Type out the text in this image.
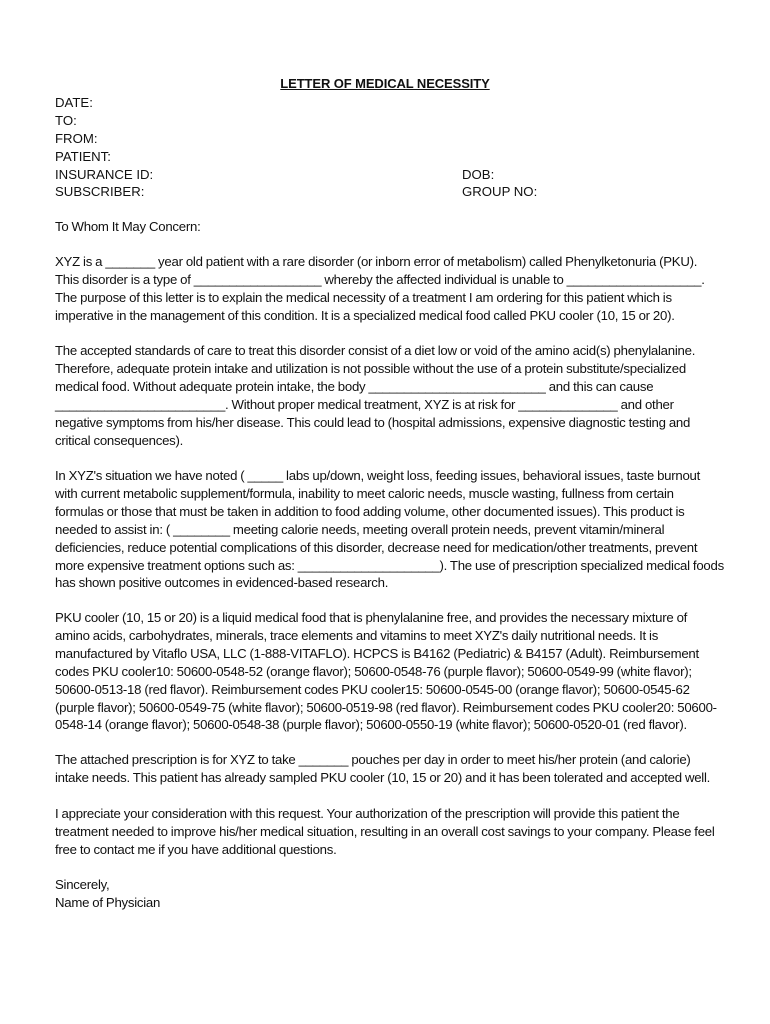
LETTER OF MEDICAL NECESSITY
DATE:
TO:
FROM:
PATIENT:
INSURANCE ID:	DOB:
SUBSCRIBER:	GROUP NO:
To Whom It May Concern:
XYZ is a _______ year old patient with a rare disorder (or inborn error of metabolism) called Phenylketonuria (PKU).
This disorder is a type of __________________ whereby the affected individual is unable to ___________________.
The purpose of this letter is to explain the medical necessity of a treatment I am ordering for this patient which is
imperative in the management of this condition. It is a specialized medical food called PKU cooler (10, 15 or 20).
The accepted standards of care to treat this disorder consist of a diet low or void of the amino acid(s) phenylalanine.
Therefore, adequate protein intake and utilization is not possible without the use of a protein substitute/specialized
medical food. Without adequate protein intake, the body _________________________ and this can cause
________________________. Without proper medical treatment, XYZ is at risk for ______________ and other
negative symptoms from his/her disease. This could lead to (hospital admissions, expensive diagnostic testing and
critical consequences).
In XYZ's situation we have noted ( _____ labs up/down, weight loss, feeding issues, behavioral issues, taste burnout
with current metabolic supplement/formula, inability to meet caloric needs, muscle wasting, fullness from certain
formulas or those that must be taken in addition to food adding volume, other documented issues). This product is
needed to assist in: ( ________ meeting calorie needs, meeting overall protein needs, prevent vitamin/mineral
deficiencies, reduce potential complications of this disorder, decrease need for medication/other treatments, prevent
more expensive treatment options such as: ____________________). The use of prescription specialized medical foods
has shown positive outcomes in evidenced-based research.
PKU cooler (10, 15 or 20) is a liquid medical food that is phenylalanine free, and provides the necessary mixture of
amino acids, carbohydrates, minerals, trace elements and vitamins to meet XYZ's daily nutritional needs. It is
manufactured by Vitaflo USA, LLC (1-888-VITAFLO). HCPCS is B4162 (Pediatric) & B4157 (Adult). Reimbursement
codes PKU cooler10: 50600-0548-52 (orange flavor); 50600-0548-76 (purple flavor); 50600-0549-99 (white flavor);
50600-0513-18 (red flavor). Reimbursement codes PKU cooler15: 50600-0545-00 (orange flavor); 50600-0545-62
(purple flavor); 50600-0549-75 (white flavor); 50600-0519-98 (red flavor). Reimbursement codes PKU cooler20: 50600-
0548-14 (orange flavor); 50600-0548-38 (purple flavor); 50600-0550-19 (white flavor); 50600-0520-01 (red flavor).
The attached prescription is for XYZ to take _______ pouches per day in order to meet his/her protein (and calorie)
intake needs. This patient has already sampled PKU cooler (10, 15 or 20) and it has been tolerated and accepted well.
I appreciate your consideration with this request. Your authorization of the prescription will provide this patient the
treatment needed to improve his/her medical situation, resulting in an overall cost savings to your company. Please feel
free to contact me if you have additional questions.
Sincerely,
Name of Physician
